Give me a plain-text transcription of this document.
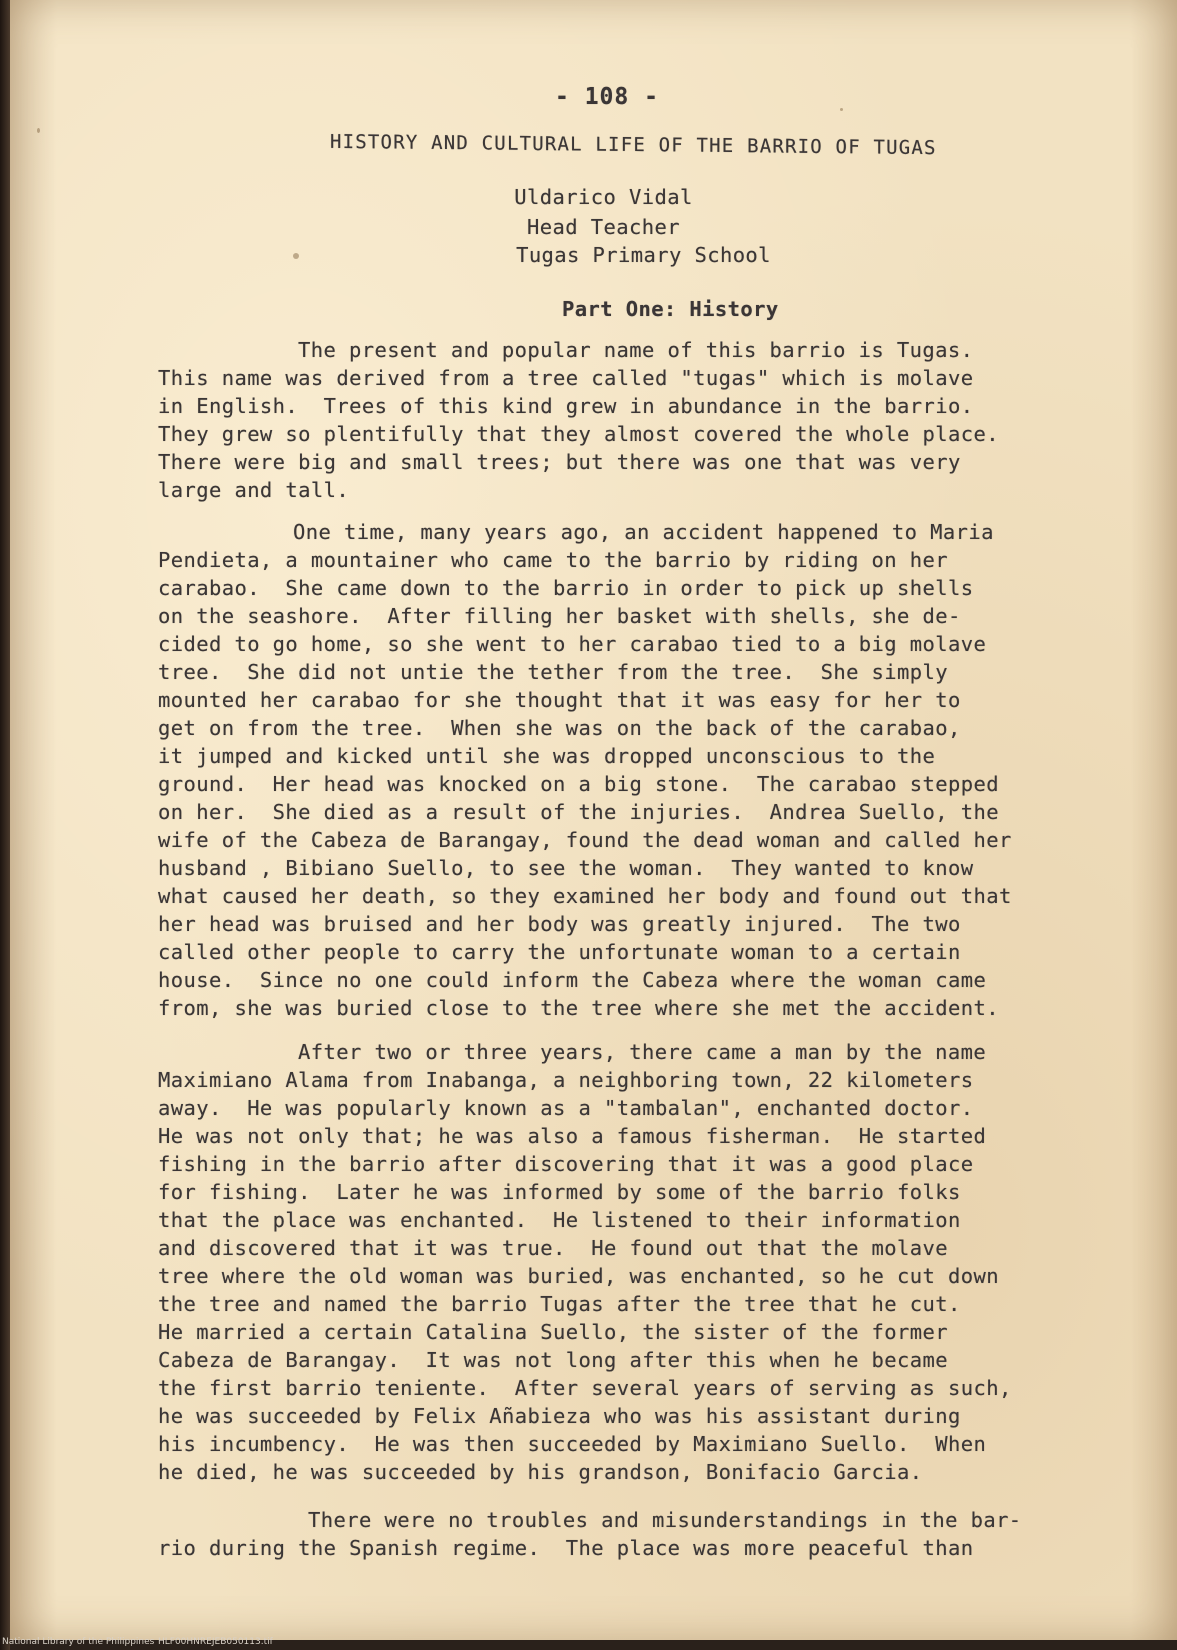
- 108 -
HISTORY AND CULTURAL LIFE OF THE BARRIO OF TUGAS
Uldarico Vidal
Head Teacher
Tugas Primary School
Part One: History
The present and popular name of this barrio is Tugas.
This name was derived from a tree called "tugas" which is molave
in English.  Trees of this kind grew in abundance in the barrio.
They grew so plentifully that they almost covered the whole place.
There were big and small trees; but there was one that was very
large and tall.
One time, many years ago, an accident happened to Maria
Pendieta, a mountainer who came to the barrio by riding on her
carabao.  She came down to the barrio in order to pick up shells
on the seashore.  After filling her basket with shells, she de-
cided to go home, so she went to her carabao tied to a big molave
tree.  She did not untie the tether from the tree.  She simply
mounted her carabao for she thought that it was easy for her to
get on from the tree.  When she was on the back of the carabao,
it jumped and kicked until she was dropped unconscious to the
ground.  Her head was knocked on a big stone.  The carabao stepped
on her.  She died as a result of the injuries.  Andrea Suello, the
wife of the Cabeza de Barangay, found the dead woman and called her
husband , Bibiano Suello, to see the woman.  They wanted to know
what caused her death, so they examined her body and found out that
her head was bruised and her body was greatly injured.  The two
called other people to carry the unfortunate woman to a certain
house.  Since no one could inform the Cabeza where the woman came
from, she was buried close to the tree where she met the accident.
After two or three years, there came a man by the name
Maximiano Alama from Inabanga, a neighboring town, 22 kilometers
away.  He was popularly known as a "tambalan", enchanted doctor.
He was not only that; he was also a famous fisherman.  He started
fishing in the barrio after discovering that it was a good place
for fishing.  Later he was informed by some of the barrio folks
that the place was enchanted.  He listened to their information
and discovered that it was true.  He found out that the molave
tree where the old woman was buried, was enchanted, so he cut down
the tree and named the barrio Tugas after the tree that he cut.
He married a certain Catalina Suello, the sister of the former
Cabeza de Barangay.  It was not long after this when he became
the first barrio teniente.  After several years of serving as such,
he was succeeded by Felix Añabieza who was his assistant during
his incumbency.  He was then succeeded by Maximiano Suello.  When
he died, he was succeeded by his grandson, Bonifacio Garcia.
There were no troubles and misunderstandings in the bar-
rio during the Spanish regime.  The place was more peaceful than
National Library of the Philippines HLF00HNREJEB050113.tif
